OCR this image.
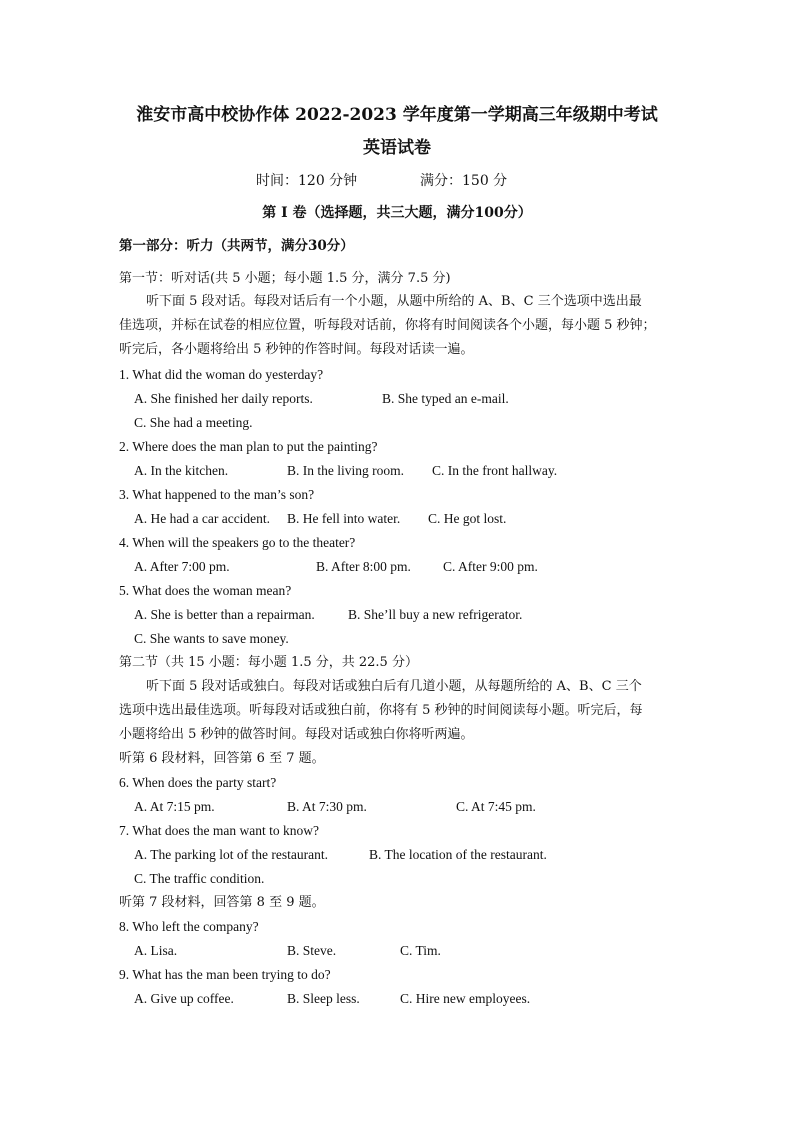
淮安市高中校协作体 2022-2023 学年度第一学期高三年级期中考试
英语试卷
时间：120 分钟	满分：150 分
第 I 卷（选择题，共三大题，满分100分）
第一部分：听力（共两节，满分30分）
第一节：听对话(共 5 小题；每小题 1.5 分，满分 7.5 分)
听下面 5 段对话。每段对话后有一个小题，从题中所给的 A、B、C 三个选项中选出最
佳选项，并标在试卷的相应位置，听每段对话前，你将有时间阅读各个小题，每小题 5 秒钟；
听完后，各小题将给出 5 秒钟的作答时间。每段对话读一遍。
1. What did the woman do yesterday?
A. She finished her daily reports.	B. She typed an e-mail.
C. She had a meeting.
2. Where does the man plan to put the painting?
A. In the kitchen.	B. In the living room. C. In the front hallway.
3. What happened to the man’s son?
A. He had a car accident. B. He fell into water. C. He got lost.
4. When will the speakers go to the theater?
A. After 7:00 pm.	B. After 8:00 pm. C. After 9:00 pm.
5. What does the woman mean?
A. She is better than a repairman. B. She’ll buy a new refrigerator.
C. She wants to save money.
第二节（共 15 小题：每小题 1.5 分，共 22.5 分）
听下面 5 段对话或独白。每段对话或独白后有几道小题，从每题所给的 A、B、C 三个
选项中选出最佳选项。听每段对话或独白前，你将有 5 秒钟的时间阅读每小题。听完后，每
小题将给出 5 秒钟的做答时间。每段对话或独白你将听两遍。
听第 6 段材料，回答第 6 至 7 题。
6. When does the party start?
A. At 7:15 pm.	B. At 7:30 pm.	C. At 7:45 pm.
7. What does the man want to know?
A. The parking lot of the restaurant.	B. The location of the restaurant.
C. The traffic condition.
听第 7 段材料，回答第 8 至 9 题。
8. Who left the company?
A. Lisa.	B. Steve.	C. Tim.
9. What has the man been trying to do?
A. Give up coffee.	B. Sleep less.	C. Hire new employees.
